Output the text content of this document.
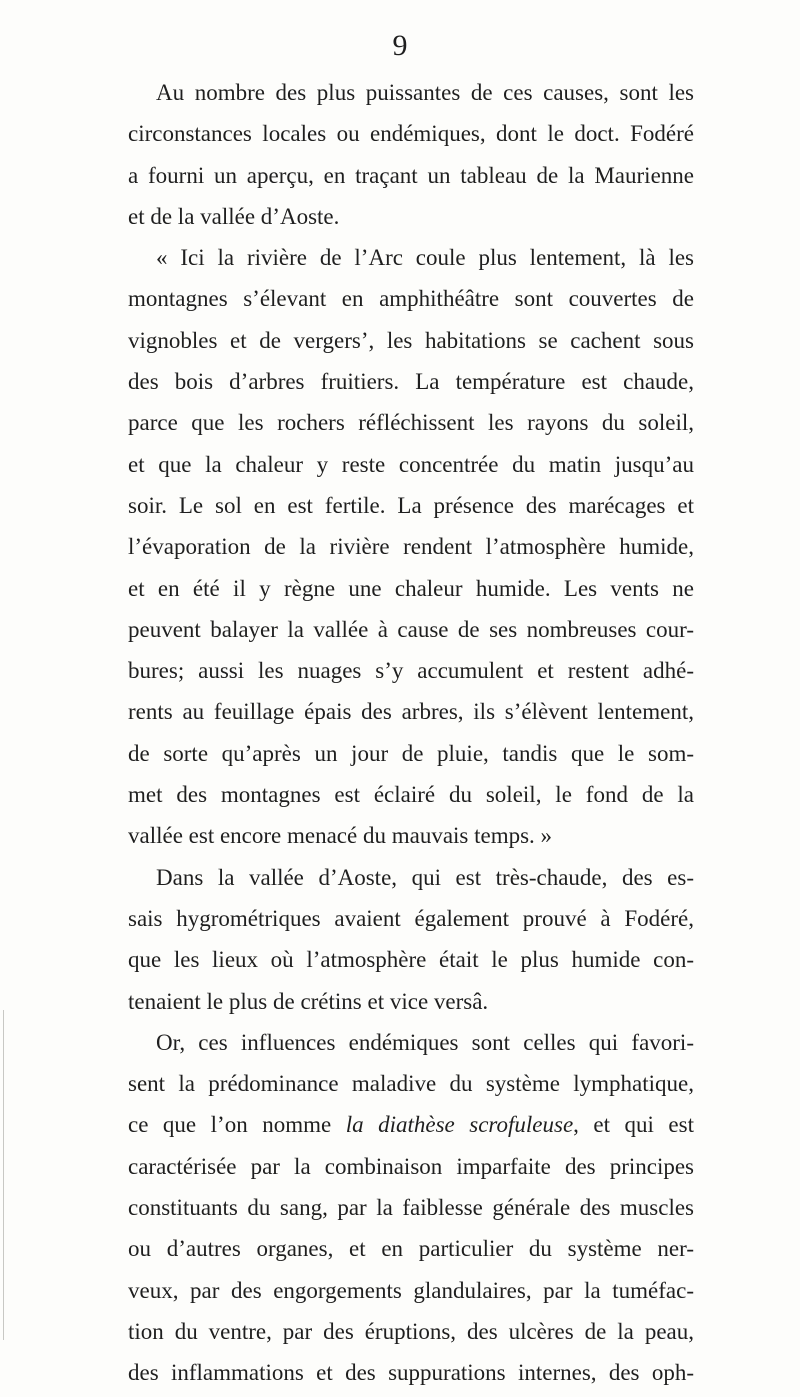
9
Au nombre des plus puissantes de ces causes, sont les
circonstances locales ou endémiques, dont le doct. Fodéré
a fourni un aperçu, en traçant un tableau de la Maurienne
et de la vallée d’Aoste.
« Ici la rivière de l’Arc coule plus lentement, là les
montagnes s’élevant en amphithéâtre sont couvertes de
vignobles et de vergers’, les habitations se cachent sous
des bois d’arbres fruitiers. La température est chaude,
parce que les rochers réfléchissent les rayons du soleil,
et que la chaleur y reste concentrée du matin jusqu’au
soir. Le sol en est fertile. La présence des marécages et
l’évaporation de la rivière rendent l’atmosphère humide,
et en été il y règne une chaleur humide. Les vents ne
peuvent balayer la vallée à cause de ses nombreuses cour-
bures; aussi les nuages s’y accumulent et restent adhé-
rents au feuillage épais des arbres, ils s’élèvent lentement,
de sorte qu’après un jour de pluie, tandis que le som-
met des montagnes est éclairé du soleil, le fond de la
vallée est encore menacé du mauvais temps. »
Dans la vallée d’Aoste, qui est très-chaude, des es-
sais hygrométriques avaient également prouvé à Fodéré,
que les lieux où l’atmosphère était le plus humide con-
tenaient le plus de crétins et vice versâ.
Or, ces influences endémiques sont celles qui favori-
sent la prédominance maladive du système lymphatique,
ce que l’on nomme la diathèse scrofuleuse, et qui est
caractérisée par la combinaison imparfaite des principes
constituants du sang, par la faiblesse générale des muscles
ou d’autres organes, et en particulier du système ner-
veux, par des engorgements glandulaires, par la tuméfac-
tion du ventre, par des éruptions, des ulcères de la peau,
des inflammations et des suppurations internes, des oph-
